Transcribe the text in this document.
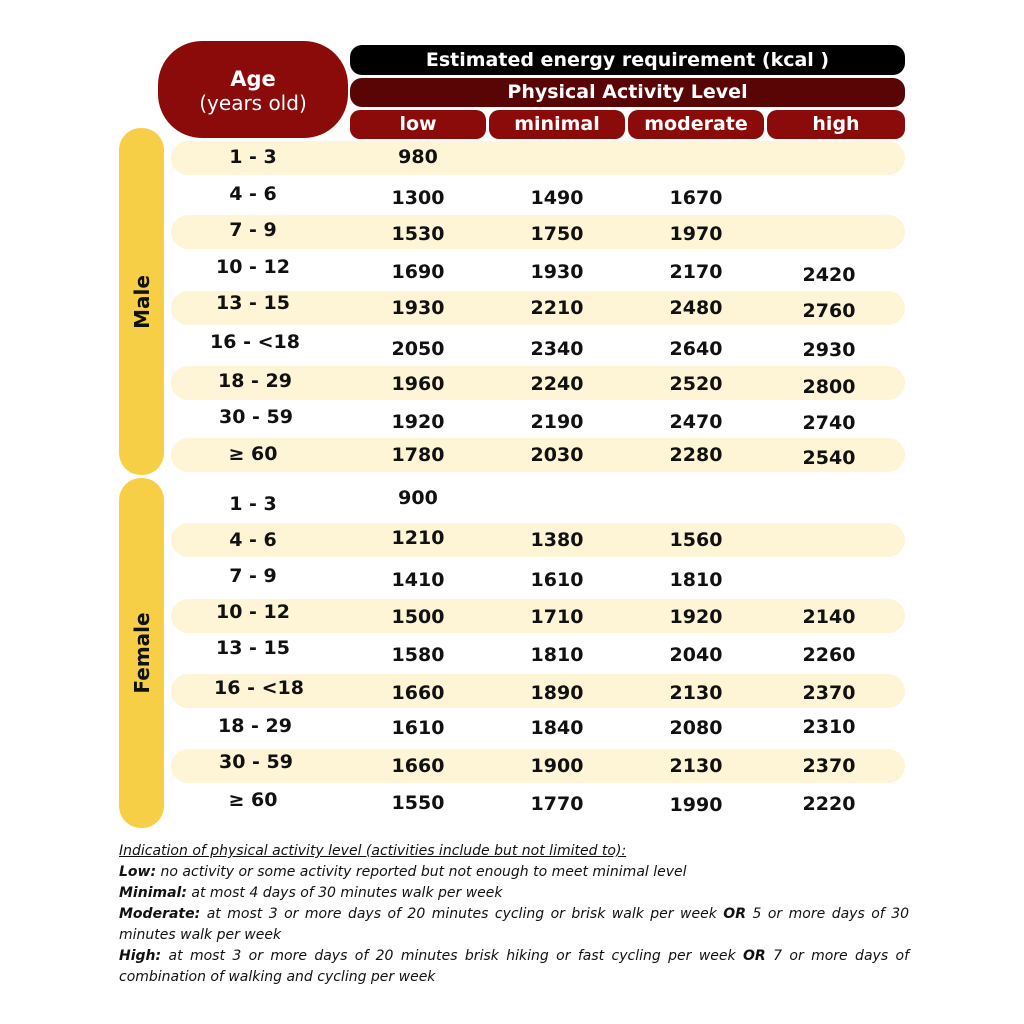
Age
(years old)
Estimated energy requirement (kcal )
Physical Activity Level
low	minimal	moderate	high
Male
Female
1 - 3	980
4 - 6	1300	1490	1670
7 - 9	1530	1750	1970
10 - 12	1690	1930	2170	2420
13 - 15	1930	2210	2480	2760
16 - <18	2050	2340	2640	2930
18 - 29	1960	2240	2520	2800
30 - 59	1920	2190	2470	2740
≥ 60	1780	2030	2280	2540
1 - 3	900
4 - 6	1210	1380	1560
7 - 9	1410	1610	1810
10 - 12	1500	1710	1920	2140
13 - 15	1580	1810	2040	2260
16 - <18	1660	1890	2130	2370
18 - 29	1610	1840	2080	2310
30 - 59	1660	1900	2130	2370
≥ 60	1550	1770	1990	2220
Indication of physical activity level (activities include but not limited to):
Low: no activity or some activity reported but not enough to meet minimal level
Minimal: at most 4 days of 30 minutes walk per week
Moderate: at most 3 or more days of 20 minutes cycling or brisk walk per week OR 5 or more days of 30 minutes walk per week
High: at most 3 or more days of 20 minutes brisk hiking or fast cycling per week OR 7 or more days of combination of walking and cycling per week
